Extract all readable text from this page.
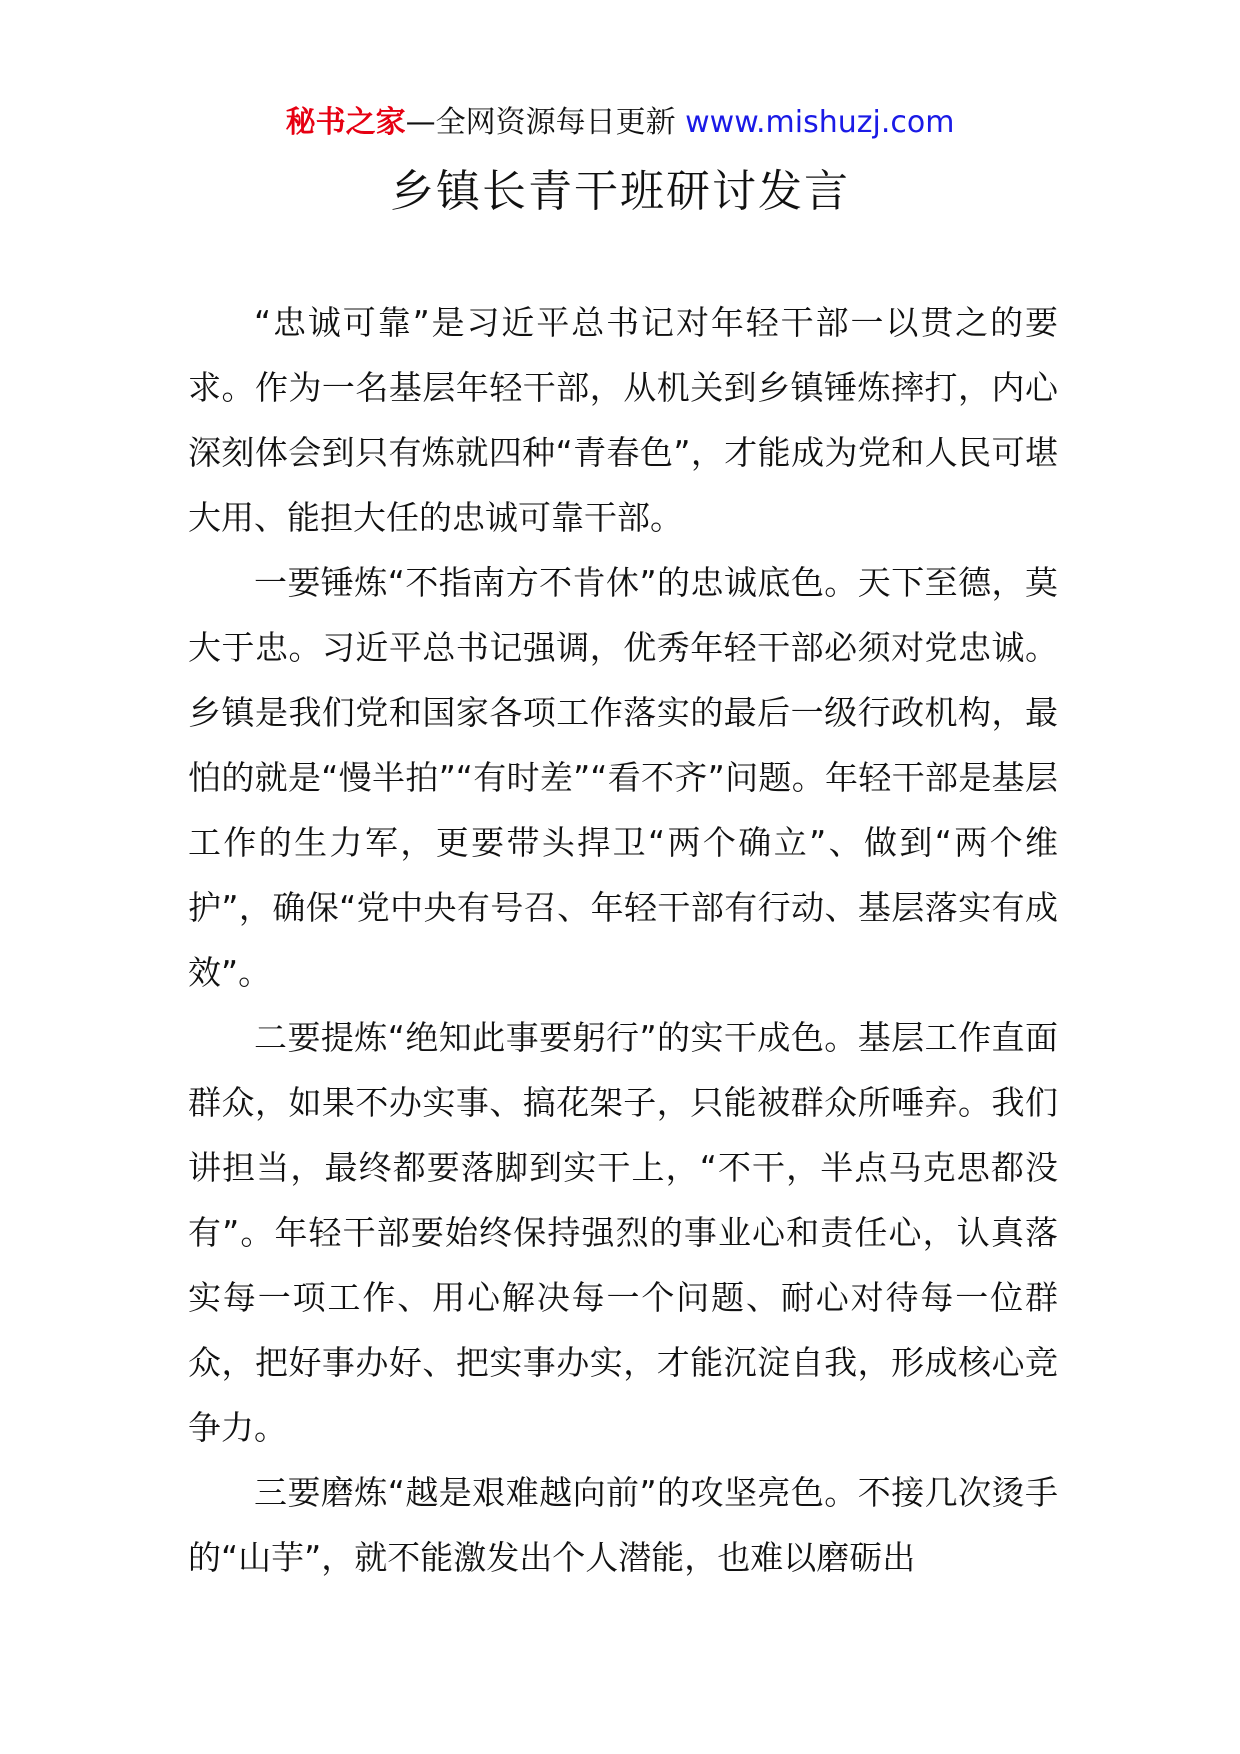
秘书之家—全网资源每日更新 www.mishuzj.com
乡镇长青干班研讨发言

“忠诚可靠”是习近平总书记对年轻干部一以贯之的要求。作为一名基层年轻干部，从机关到乡镇锤炼摔打，内心深刻体会到只有炼就四种“青春色”，才能成为党和人民可堪大用、能担大任的忠诚可靠干部。

一要锤炼“不指南方不肯休”的忠诚底色。天下至德，莫大于忠。习近平总书记强调，优秀年轻干部必须对党忠诚。乡镇是我们党和国家各项工作落实的最后一级行政机构，最怕的就是“慢半拍”“有时差”“看不齐”问题。年轻干部是基层工作的生力军，更要带头捍卫“两个确立”、做到“两个维护”，确保“党中央有号召、年轻干部有行动、基层落实有成效”。

二要提炼“绝知此事要躬行”的实干成色。基层工作直面群众，如果不办实事、搞花架子，只能被群众所唾弃。我们讲担当，最终都要落脚到实干上，“不干，半点马克思都没有”。年轻干部要始终保持强烈的事业心和责任心，认真落实每一项工作、用心解决每一个问题、耐心对待每一位群众，把好事办好、把实事办实，才能沉淀自我，形成核心竞争力。

三要磨炼“越是艰难越向前”的攻坚亮色。不接几次烫手的“山芋”，就不能激发出个人潜能，也难以磨砺出
